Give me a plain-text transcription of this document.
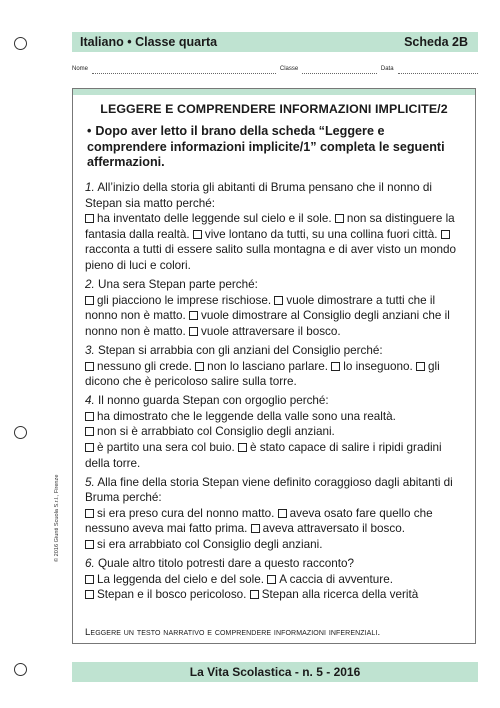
Italiano • Classe quarta	Scheda 2B
Nome	Classe	Data
LEGGERE E COMPRENDERE INFORMAZIONI IMPLICITE/2
• Dopo aver letto il brano della scheda “Leggere e comprendere informazioni implicite/1” completa le seguenti affermazioni.
1. All’inizio della storia gli abitanti di Bruma pensano che il nonno di Stepan sia matto perché:
ha inventato delle leggende sul cielo e il sole. non sa distinguere la fantasia dalla realtà. vive lontano da tutti, su una collina fuori città. racconta a tutti di essere salito sulla montagna e di aver visto un mondo pieno di luci e colori.
2. Una sera Stepan parte perché:
gli piacciono le imprese rischiose. vuole dimostrare a tutti che il nonno non è matto. vuole dimostrare al Consiglio degli anziani che il nonno non è matto. vuole attraversare il bosco.
3. Stepan si arrabbia con gli anziani del Consiglio perché:
nessuno gli crede. non lo lasciano parlare. lo inseguono. gli dicono che è pericoloso salire sulla torre.
4. Il nonno guarda Stepan con orgoglio perché:
ha dimostrato che le leggende della valle sono una realtà.
non si è arrabbiato col Consiglio degli anziani.
è partito una sera col buio. è stato capace di salire i ripidi gradini della torre.
5. Alla fine della storia Stepan viene definito coraggioso dagli abitanti di Bruma perché:
si era preso cura del nonno matto. aveva osato fare quello che nessuno aveva mai fatto prima. aveva attraversato il bosco.
si era arrabbiato col Consiglio degli anziani.
6. Quale altro titolo potresti dare a questo racconto?
La leggenda del cielo e del sole. A caccia di avventure.
Stepan e il bosco pericoloso. Stepan alla ricerca della verità
Leggere un testo narrativo e comprendere informazioni inferenziali.
© 2016 Giunti Scuola S.r.l., Firenze
La Vita Scolastica - n. 5 - 2016
